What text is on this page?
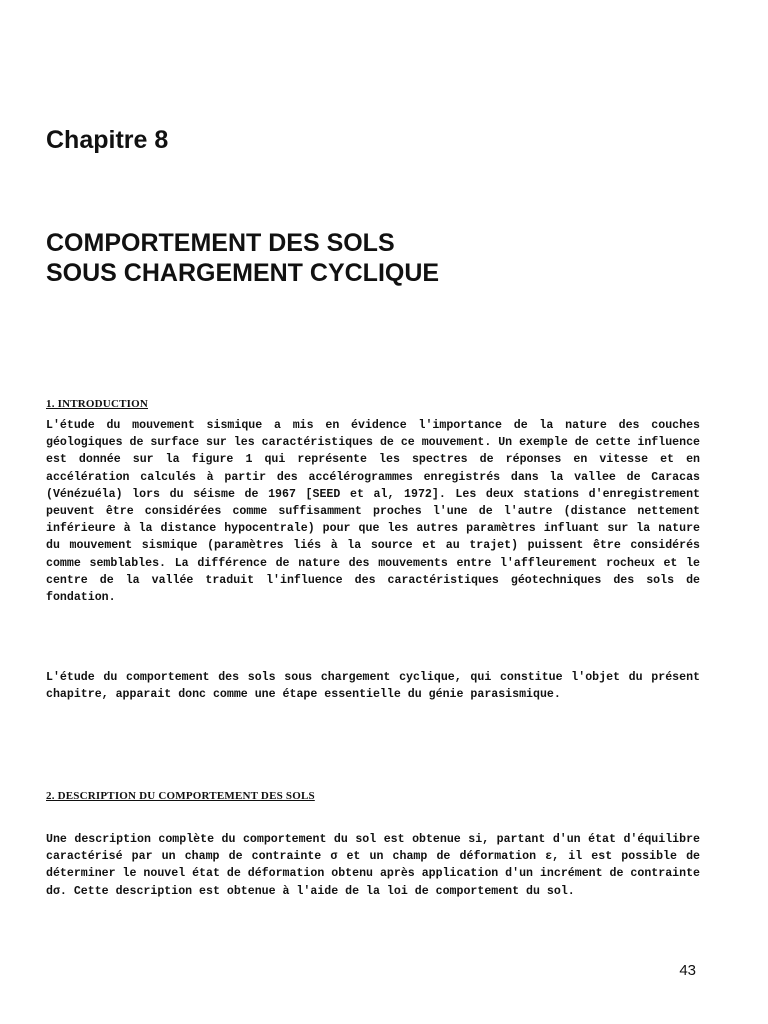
Chapitre 8
COMPORTEMENT DES SOLS
SOUS CHARGEMENT CYCLIQUE
1. INTRODUCTION

L'étude du mouvement sismique a mis en évidence l'importance de la nature des couches géologiques de surface sur les caractéristiques de ce mouvement. Un exemple de cette influence est donnée sur la figure 1 qui représente les spectres de réponses en vitesse et en accélération calculés à partir des accélérogrammes enregistrés dans la vallee de Caracas (Vénézuéla) lors du séisme de 1967 [SEED et al, 1972]. Les deux stations d'enregistrement peuvent être considérées comme suffisamment proches l'une de l'autre (distance nettement inférieure à la distance hypocentrale) pour que les autres paramètres influant sur la nature du mouvement sismique (paramètres liés à la source et au trajet) puissent être considérés comme semblables. La différence de nature des mouvements entre l'affleurement rocheux et le centre de la vallée traduit l'influence des caractéristiques géotechniques des sols de fondation.

L'étude du comportement des sols sous chargement cyclique, qui constitue l'objet du présent chapitre, apparait donc comme une étape essentielle du génie parasismique.

2. DESCRIPTION DU COMPORTEMENT DES SOLS

Une description complète du comportement du sol est obtenue si, partant d'un état d'équilibre caractérisé par un champ de contrainte σ et un champ de déformation ε, il est possible de déterminer le nouvel état de déformation obtenu après application d'un incrément de contrainte dσ. Cette description est obtenue à l'aide de la loi de comportement du sol.

43
